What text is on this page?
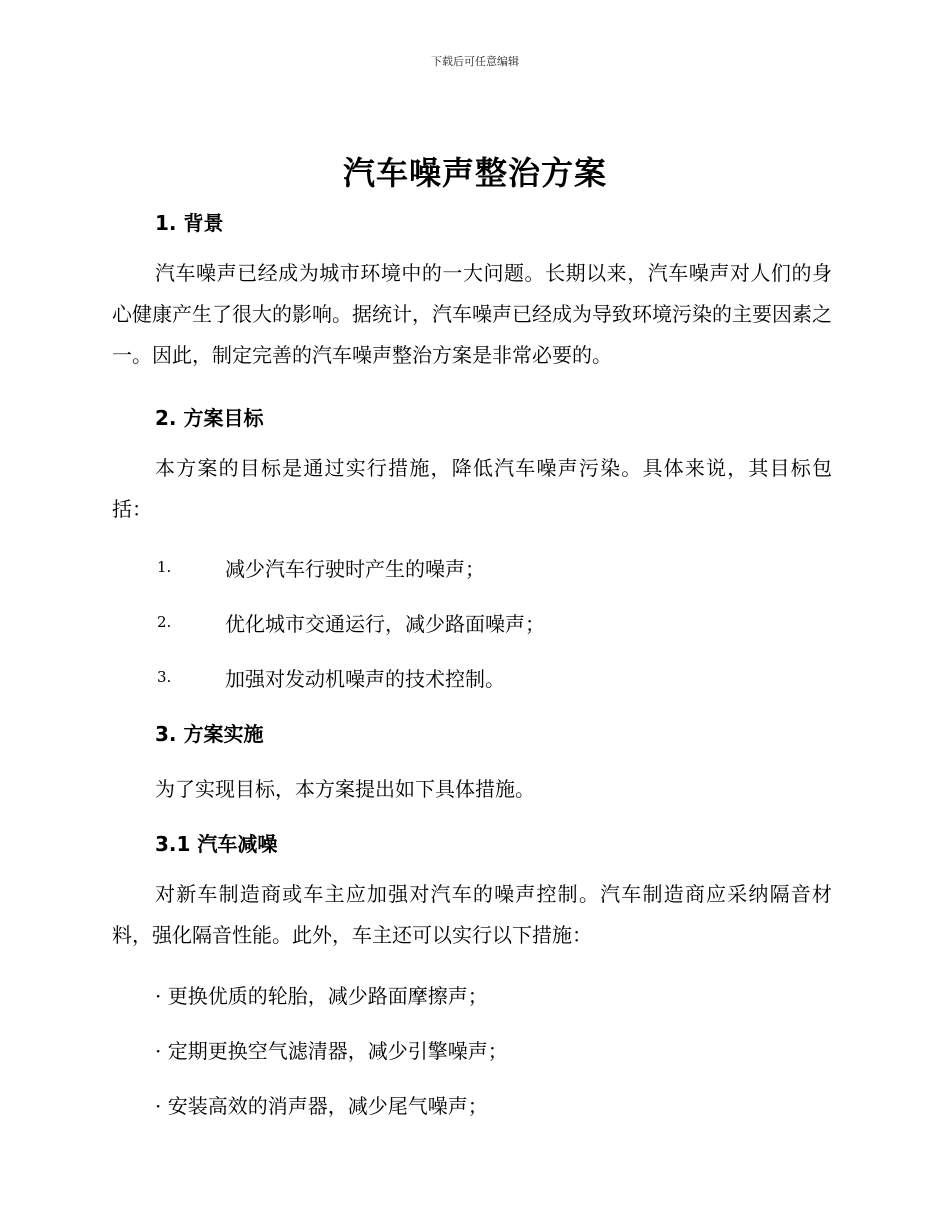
下载后可任意编辑
汽车噪声整治方案
1. 背景
汽车噪声已经成为城市环境中的一大问题。长期以来，汽车噪声对人们的身心健康产生了很大的影响。据统计，汽车噪声已经成为导致环境污染的主要因素之一。因此，制定完善的汽车噪声整治方案是非常必要的。
2. 方案目标
本方案的目标是通过实行措施，降低汽车噪声污染。具体来说，其目标包括：
1.	减少汽车行驶时产生的噪声；
2.	优化城市交通运行，减少路面噪声；
3.	加强对发动机噪声的技术控制。
3. 方案实施
为了实现目标，本方案提出如下具体措施。
3.1 汽车减噪
对新车制造商或车主应加强对汽车的噪声控制。汽车制造商应采纳隔音材料，强化隔音性能。此外，车主还可以实行以下措施：
· 更换优质的轮胎，减少路面摩擦声；
· 定期更换空气滤清器，减少引擎噪声；
· 安装高效的消声器，减少尾气噪声；
